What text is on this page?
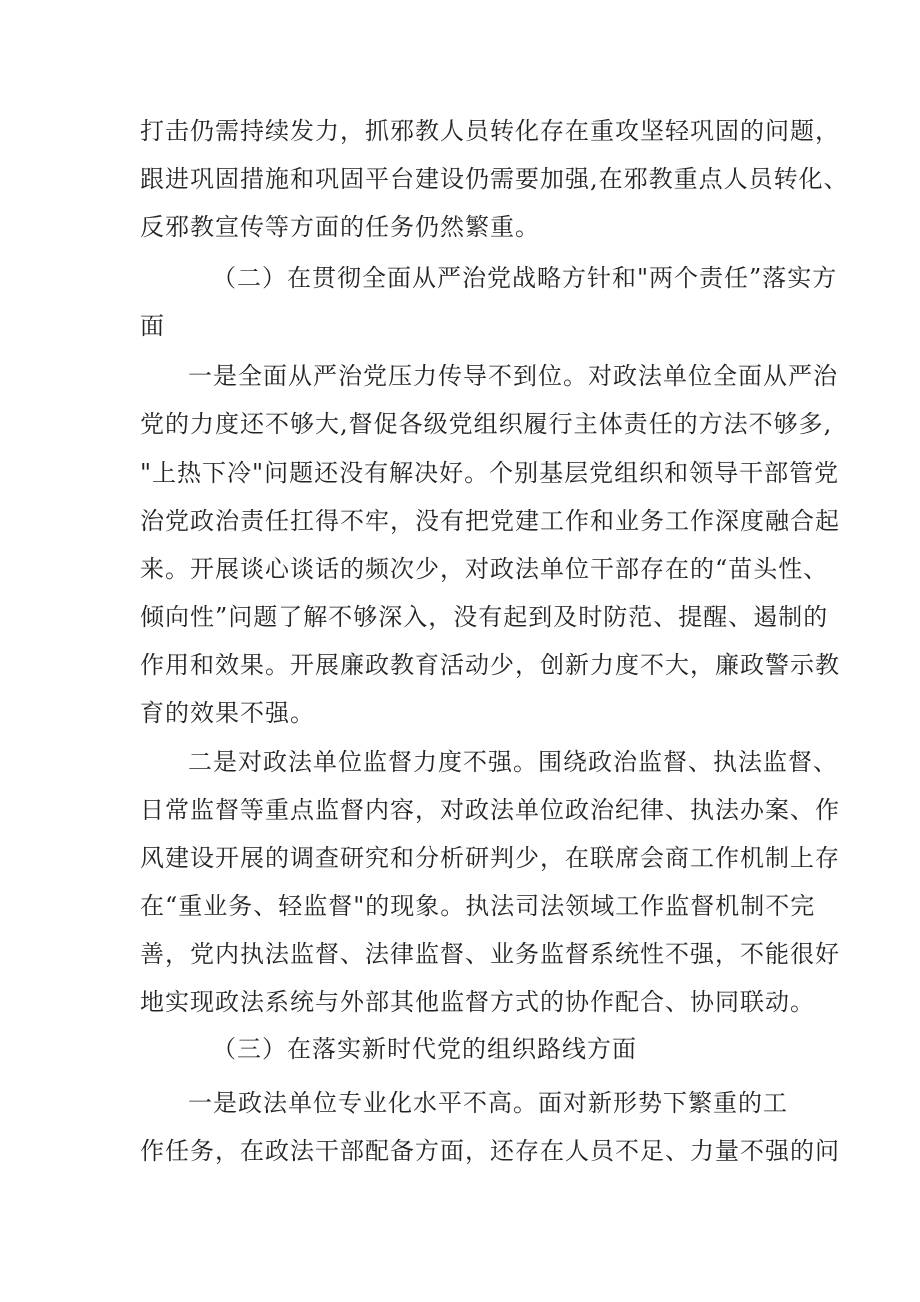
打击仍需持续发力，抓邪教人员转化存在重攻坚轻巩固的问题，
跟进巩固措施和巩固平台建设仍需要加强,在邪教重点人员转化、
反邪教宣传等方面的任务仍然繁重。
（二）在贯彻全面从严治党战略方针和"两个责任”落实方
面
一是全面从严治党压力传导不到位。对政法单位全面从严治
党的力度还不够大,督促各级党组织履行主体责任的方法不够多,
"上热下冷"问题还没有解决好。个别基层党组织和领导干部管党
治党政治责任扛得不牢，没有把党建工作和业务工作深度融合起
来。开展谈心谈话的频次少，对政法单位干部存在的“苗头性、
倾向性”问题了解不够深入，没有起到及时防范、提醒、遏制的
作用和效果。开展廉政教育活动少，创新力度不大，廉政警示教
育的效果不强。
二是对政法单位监督力度不强。围绕政治监督、执法监督、
日常监督等重点监督内容，对政法单位政治纪律、执法办案、作
风建设开展的调查研究和分析研判少，在联席会商工作机制上存
在“重业务、轻监督"的现象。执法司法领域工作监督机制不完
善，党内执法监督、法律监督、业务监督系统性不强，不能很好
地实现政法系统与外部其他监督方式的协作配合、协同联动。
（三）在落实新时代党的组织路线方面
一是政法单位专业化水平不高。面对新形势下繁重的工
作任务，在政法干部配备方面，还存在人员不足、力量不强的问
